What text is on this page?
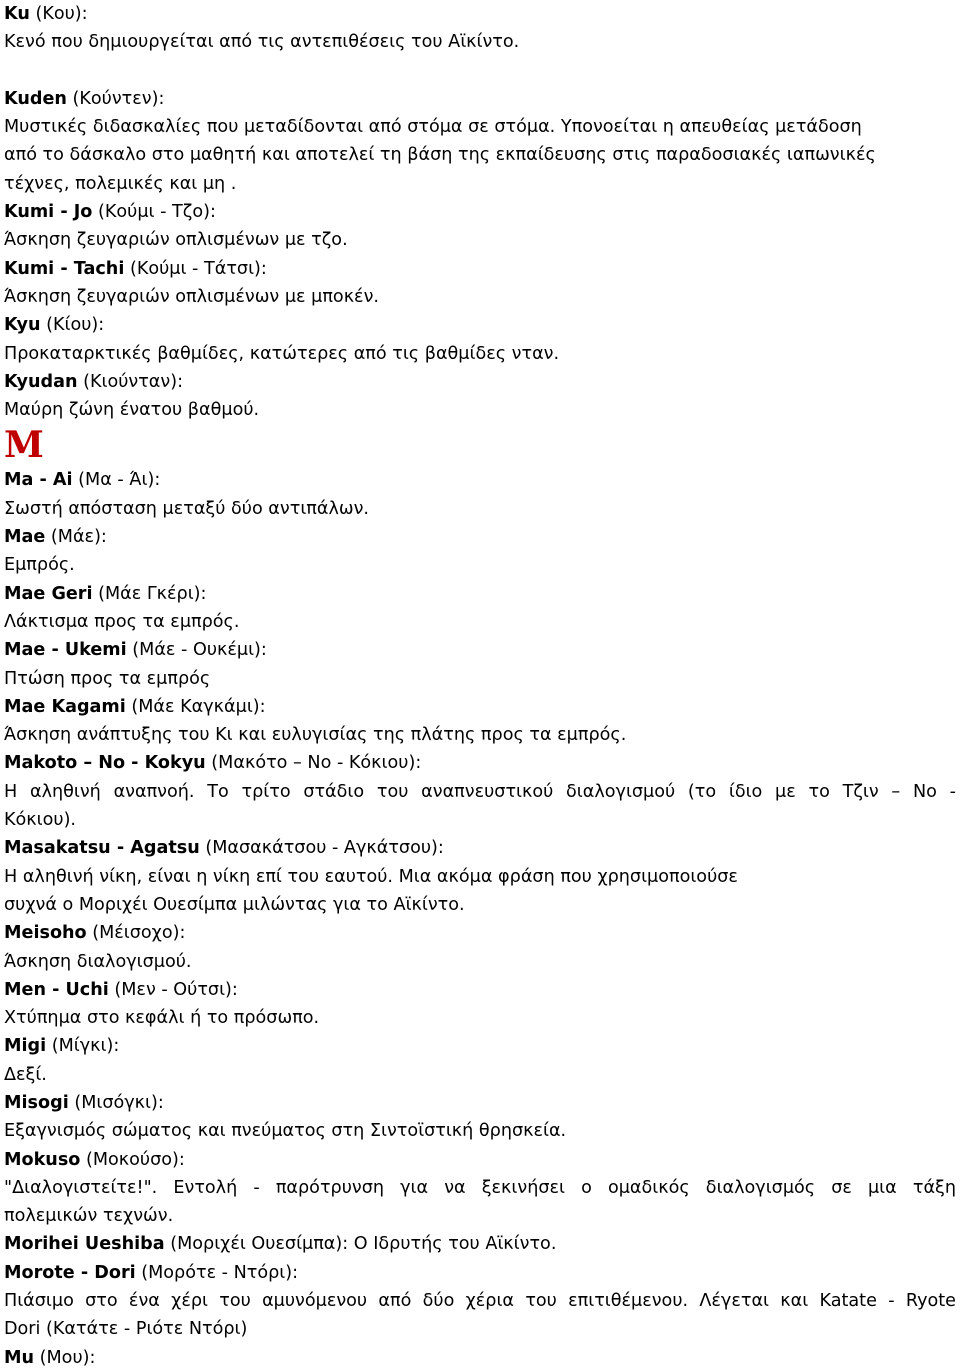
Ku (Κου):
Κενό που δημιουργείται από τις αντεπιθέσεις του Αϊκίντο.
Kuden (Κούντεν):
Μυστικές διδασκαλίες που μεταδίδονται από στόμα σε στόμα. Υπονοείται η απευθείας μετάδοση
από το δάσκαλο στο μαθητή και αποτελεί τη βάση της εκπαίδευσης στις παραδοσιακές ιαπωνικές
τέχνες, πολεμικές και μη .
Kumi - Jo (Κούμι - Τζο):
Άσκηση ζευγαριών οπλισμένων με τζο.
Kumi - Tachi (Κούμι - Τάτσι):
Άσκηση ζευγαριών οπλισμένων με μποκέν.
Kyu (Κίου):
Προκαταρκτικές βαθμίδες, κατώτερες από τις βαθμίδες νταν.
Kyudan (Κιούνταν):
Μαύρη ζώνη ένατου βαθμού.
M
Ma - Ai (Μα - Άι):
Σωστή απόσταση μεταξύ δύο αντιπάλων.
Mae (Μάε):
Εμπρός.
Mae Geri (Μάε Γκέρι):
Λάκτισμα προς τα εμπρός.
Mae - Ukemi (Μάε - Ουκέμι):
Πτώση προς τα εμπρός
Mae Kagami (Μάε Καγκάμι):
Άσκηση ανάπτυξης του Κι και ευλυγισίας της πλάτης προς τα εμπρός.
Makoto – No - Kokyu (Μακότο – Νο - Κόκιου):
Η αληθινή αναπνοή. Το τρίτο στάδιο του αναπνευστικού διαλογισμού (το ίδιο με το Τζιν – Νο -
Κόκιου).
Masakatsu - Agatsu (Μασακάτσου - Αγκάτσου):
Η αληθινή νίκη, είναι η νίκη επί του εαυτού. Μια ακόμα φράση που χρησιμοποιούσε
συχνά ο Μοριχέι Ουεσίμπα μιλώντας για το Αϊκίντο.
Meisoho (Μέισοχο):
Άσκηση διαλογισμού.
Men - Uchi (Μεν - Ούτσι):
Χτύπημα στο κεφάλι ή το πρόσωπο.
Migi (Μίγκι):
Δεξί.
Misogi (Μισόγκι):
Εξαγνισμός σώματος και πνεύματος στη Σιντοϊστική θρησκεία.
Mokuso (Μοκούσο):
"Διαλογιστείτε!". Εντολή - παρότρυνση για να ξεκινήσει ο ομαδικός διαλογισμός σε μια τάξη
πολεμικών τεχνών.
Morihei Ueshiba (Μοριχέι Ουεσίμπα): Ο Ιδρυτής του Αϊκίντο.
Morote - Dori (Μορότε - Ντόρι):
Πιάσιμο στο ένα χέρι του αμυνόμενου από δύο χέρια του επιτιθέμενου. Λέγεται και Katate - Ryote
Dori (Κατάτε - Ριότε Ντόρι)
Mu (Μου):
